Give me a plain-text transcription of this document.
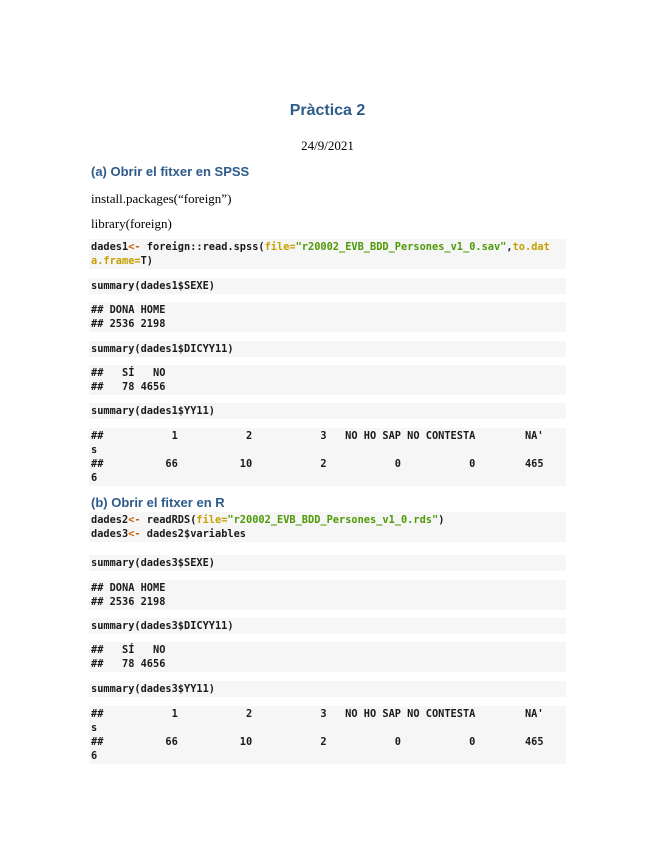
Pràctica 2
24/9/2021
(a) Obrir el fitxer en SPSS
install.packages(“foreign”)
library(foreign)
dades1<- foreign::read.spss(file="r20002_EVB_BDD_Persones_v1_0.sav",to.dat
a.frame=T)
summary(dades1$SEXE)
## DONA HOME
## 2536 2198
summary(dades1$DICYY11)
##   SÍ   NO
##   78 4656
summary(dades1$YY11)
##           1           2           3   NO HO SAP NO CONTESTA        NA'
s
##          66          10           2           0           0        465
6
(b) Obrir el fitxer en R
dades2<- readRDS(file="r20002_EVB_BDD_Persones_v1_0.rds")
dades3<- dades2$variables
summary(dades3$SEXE)
## DONA HOME
## 2536 2198
summary(dades3$DICYY11)
##   SÍ   NO
##   78 4656
summary(dades3$YY11)
##           1           2           3   NO HO SAP NO CONTESTA        NA'
s
##          66          10           2           0           0        465
6
